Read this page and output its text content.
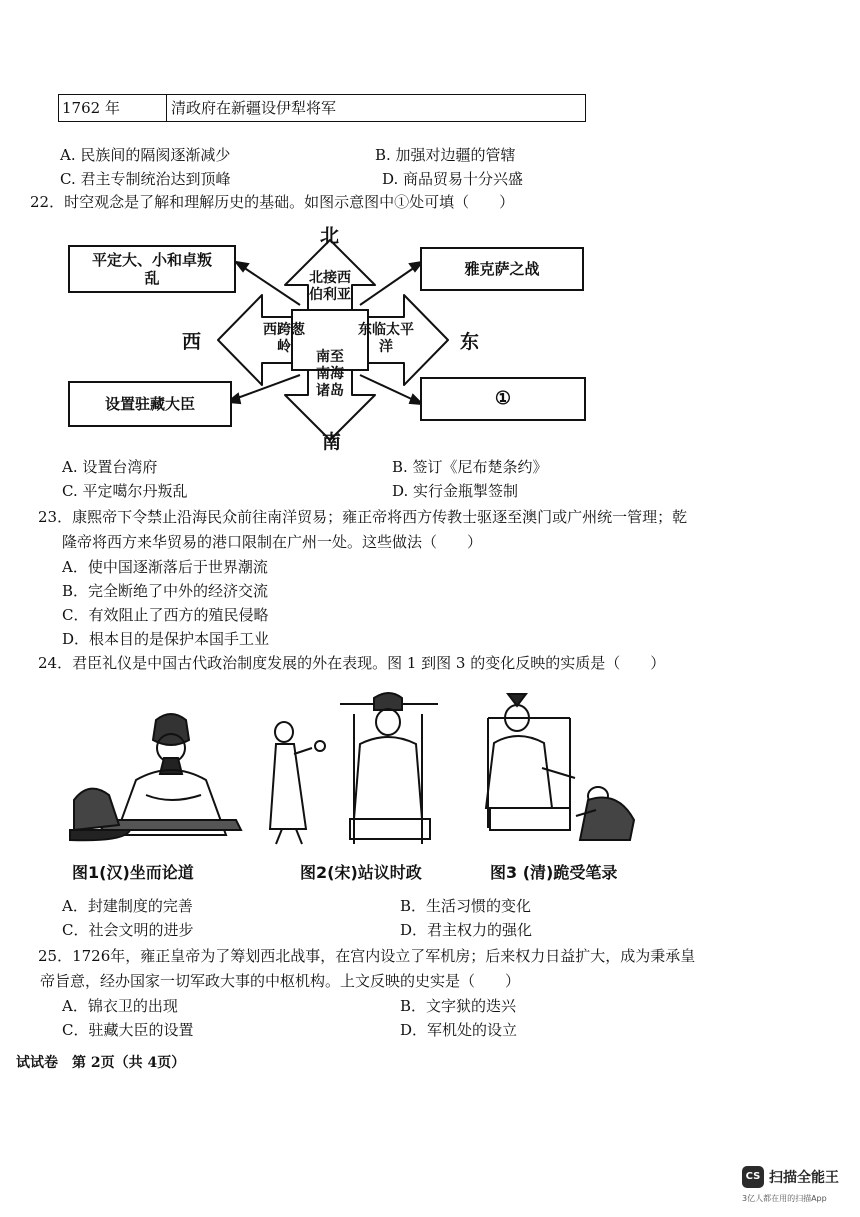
1762 年	清政府在新疆设伊犁将军
A. 民族间的隔阂逐渐减少	B. 加强对边疆的管辖
C. 君主专制统治达到顶峰	D. 商品贸易十分兴盛
22．时空观念是了解和理解历史的基础。如图示意图中①处可填（　　）
北
南
西	东
北接西伯利亚
西跨葱岭
东临太平洋
南至南海诸岛
平定大、小和卓叛乱	雅克萨之战
设置驻藏大臣	①
A. 设置台湾府	B. 签订《尼布楚条约》
C. 平定噶尔丹叛乱	D. 实行金瓶掣签制
23．康熙帝下令禁止沿海民众前往南洋贸易；雍正帝将西方传教士驱逐至澳门或广州统一管理；乾
隆帝将西方来华贸易的港口限制在广州一处。这些做法（　　）
A．使中国逐渐落后于世界潮流
B．完全断绝了中外的经济交流
C．有效阻止了西方的殖民侵略
D．根本目的是保护本国手工业
24．君臣礼仪是中国古代政治制度发展的外在表现。图 1 到图 3 的变化反映的实质是（　　）
图1(汉)坐而论道	图2(宋)站议时政	图3 (清)跪受笔录
A．封建制度的完善	B．生活习惯的变化
C．社会文明的进步	D．君主权力的强化
25．1726年，雍正皇帝为了筹划西北战事，在宫内设立了军机房；后来权力日益扩大，成为秉承皇
帝旨意，经办国家一切军政大事的中枢机构。上文反映的史实是（　　）
A．锦衣卫的出现	B．文字狱的迭兴
C．驻藏大臣的设置	D．军机处的设立
试试卷　第 2页（共 4页）
CS 扫描全能王
3亿人都在用的扫描App
